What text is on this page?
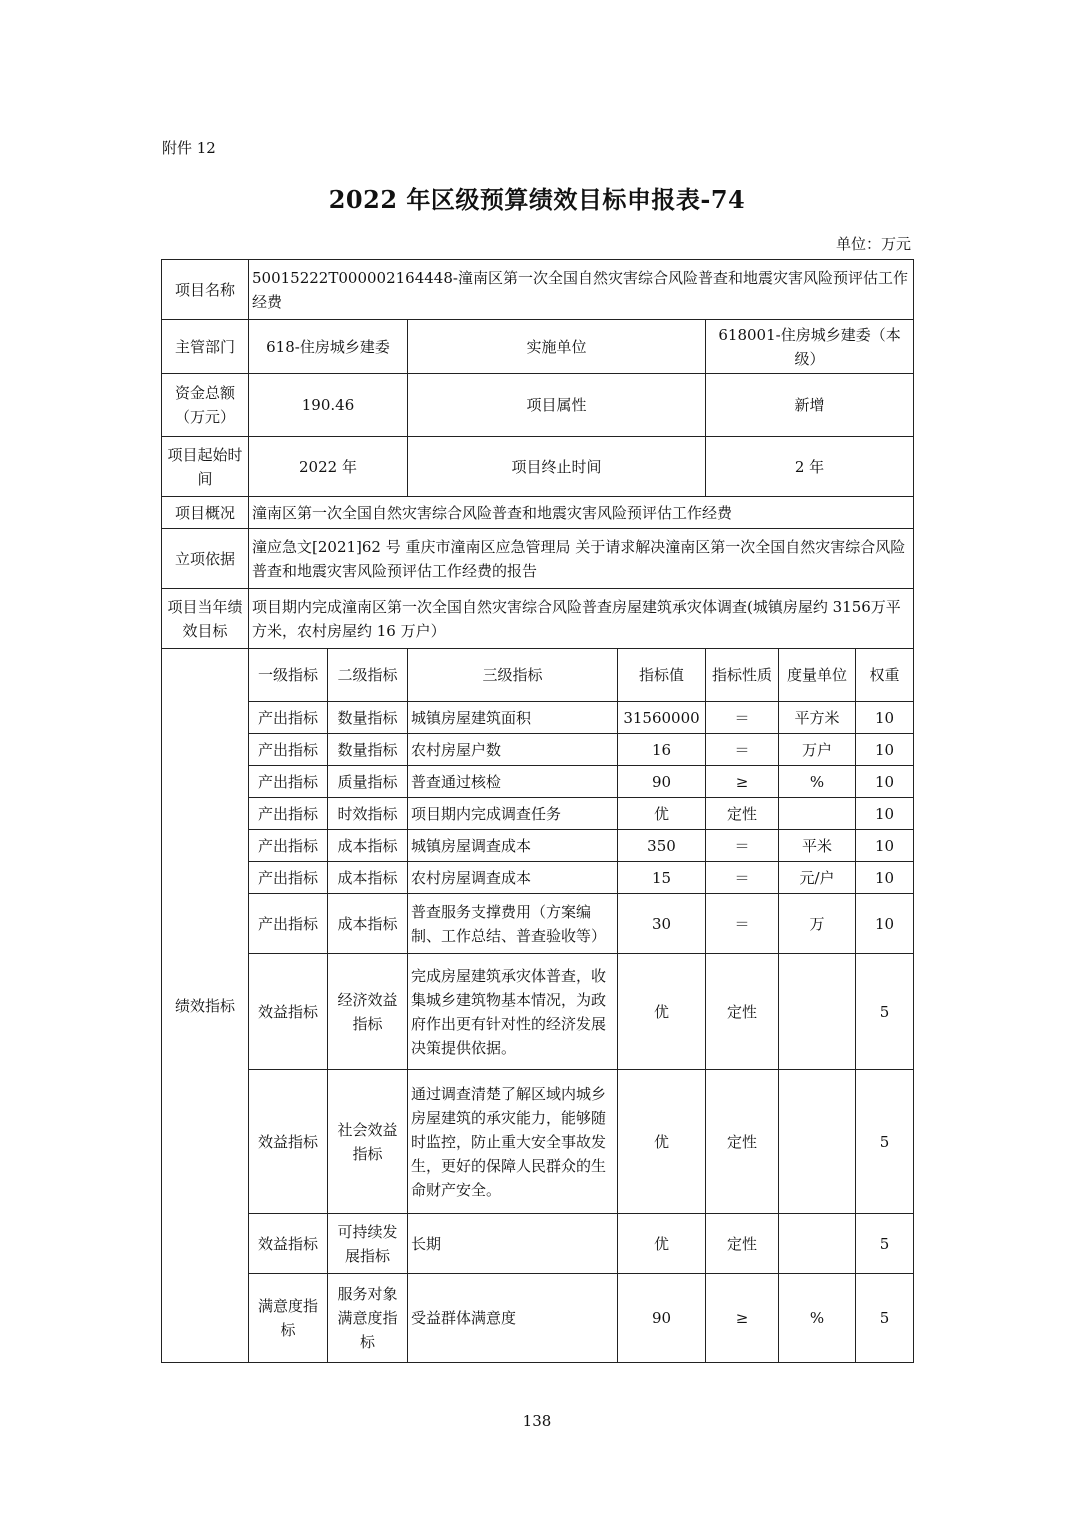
附件 12
2022 年区级预算绩效目标申报表-74
单位：万元
项目名称	50015222T000002164448-潼南区第一次全国自然灾害综合风险普查和地震灾害风险预评估工作经费						
主管部门	618-住房城乡建委		实施单位		618001-住房城乡建委（本级）		
资金总额（万元）	190.46		项目属性		新增		
项目起始时间	2022 年		项目终止时间		2 年		
项目概况	潼南区第一次全国自然灾害综合风险普查和地震灾害风险预评估工作经费						
立项依据	潼应急文[2021]62 号 重庆市潼南区应急管理局 关于请求解决潼南区第一次全国自然灾害综合风险普查和地震灾害风险预评估工作经费的报告						
项目当年绩效目标	项目期内完成潼南区第一次全国自然灾害综合风险普查房屋建筑承灾体调查(城镇房屋约 3156万平方米，农村房屋约 16 万户）						
绩效指标	一级指标	二级指标	三级指标	指标值	指标性质	度量单位	权重
	产出指标	数量指标	城镇房屋建筑面积	31560000	＝	平方米	10
	产出指标	数量指标	农村房屋户数	16	＝	万户	10
	产出指标	质量指标	普查通过核检	90	≥	%	10
	产出指标	时效指标	项目期内完成调查任务	优	定性		10
	产出指标	成本指标	城镇房屋调查成本	350	＝	平米	10
	产出指标	成本指标	农村房屋调查成本	15	＝	元/户	10
	产出指标	成本指标	普查服务支撑费用（方案编制、工作总结、普查验收等）	30	＝	万	10
	效益指标	经济效益指标	完成房屋建筑承灾体普查，收集城乡建筑物基本情况，为政府作出更有针对性的经济发展决策提供依据。	优	定性		5
	效益指标	社会效益指标	通过调查清楚了解区域内城乡房屋建筑的承灾能力，能够随时监控，防止重大安全事故发生，更好的保障人民群众的生命财产安全。	优	定性		5
	效益指标	可持续发展指标	长期	优	定性		5
	满意度指标	服务对象满意度指标	受益群体满意度	90	≥	%	5
138
